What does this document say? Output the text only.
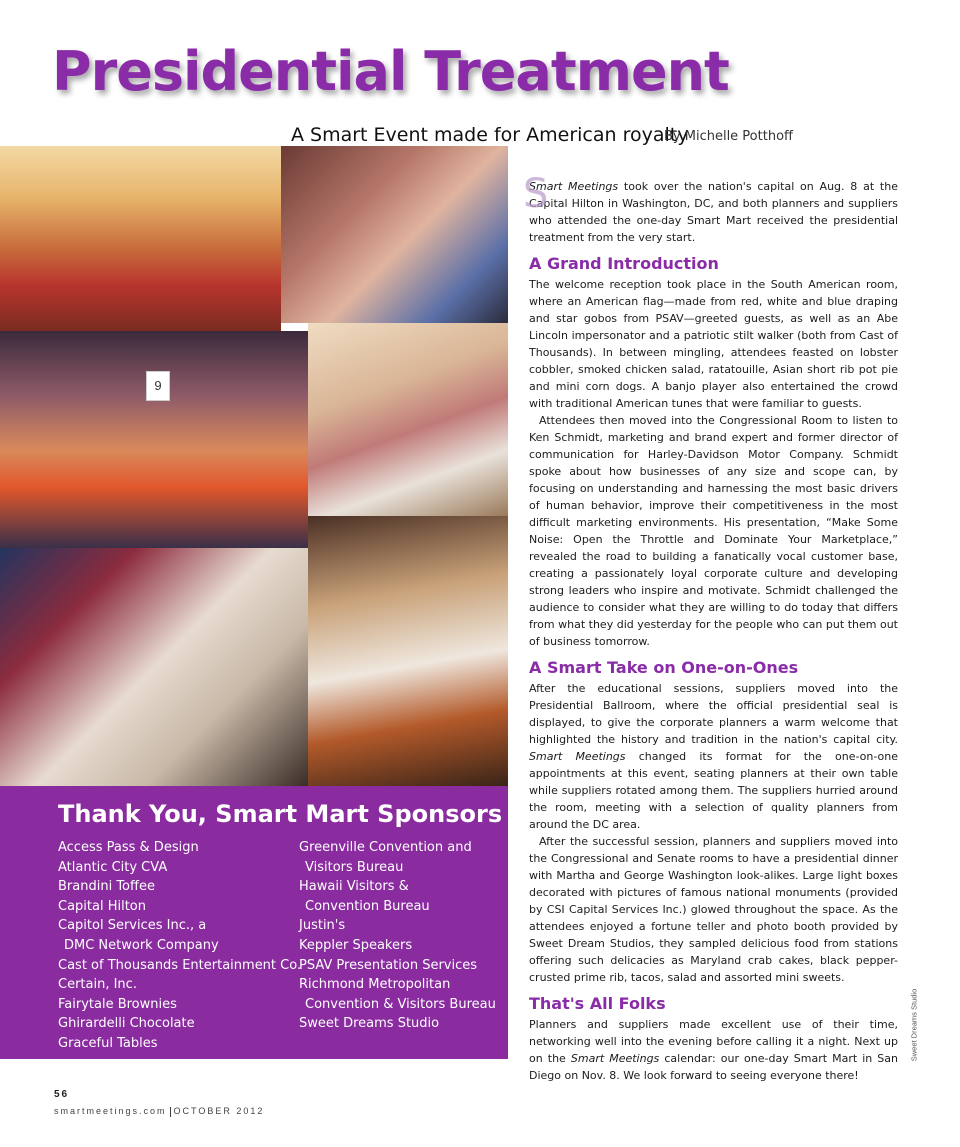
Presidential Treatment
A Smart Event made for American royalty
By Michelle Potthoff
9
Thank You, Smart Mart Sponsors
Access Pass & Design
Atlantic City CVA
Brandini Toffee
Capital Hilton
Capitol Services Inc., a
DMC Network Company
Cast of Thousands Entertainment Co.
Certain, Inc.
Fairytale Brownies
Ghirardelli Chocolate
Graceful Tables
Greenville Convention and
Visitors Bureau
Hawaii Visitors &
Convention Bureau
Justin's
Keppler Speakers
PSAV Presentation Services
Richmond Metropolitan
Convention & Visitors Bureau
Sweet Dreams Studio
S

Smart Meetings took over the nation's capital on Aug. 8 at the Capital Hilton in Washington, DC, and both planners and suppliers who attended the one-day Smart Mart received the presidential treatment from the very start.

A Grand Introduction

The welcome reception took place in the South American room, where an American flag—made from red, white and blue draping and star gobos from PSAV—greeted guests, as well as an Abe Lincoln impersonator and a patriotic stilt walker (both from Cast of Thousands). In between mingling, attendees feasted on lobster cobbler, smoked chicken salad, ratatouille, Asian short rib pot pie and mini corn dogs. A banjo player also entertained the crowd with traditional American tunes that were familiar to guests.

Attendees then moved into the Congressional Room to listen to Ken Schmidt, marketing and brand expert and former director of communication for Harley-Davidson Motor Company. Schmidt spoke about how businesses of any size and scope can, by focusing on understanding and harnessing the most basic drivers of human behavior, improve their competitiveness in the most difficult marketing environments. His presentation, “Make Some Noise: Open the Throttle and Dominate Your Marketplace,” revealed the road to building a fanatically vocal customer base, creating a passionately loyal corporate culture and developing strong leaders who inspire and motivate. Schmidt challenged the audience to consider what they are willing to do today that differs from what they did yesterday for the people who can put them out of business tomorrow.

A Smart Take on One-on-Ones

After the educational sessions, suppliers moved into the Presidential Ballroom, where the official presidential seal is displayed, to give the corporate planners a warm welcome that highlighted the history and tradition in the nation's capital city. Smart Meetings changed its format for the one-on-one appointments at this event, seating planners at their own table while suppliers rotated among them. The suppliers hurried around the room, meeting with a selection of quality planners from around the DC area.

After the successful session, planners and suppliers moved into the Congressional and Senate rooms to have a presidential dinner with Martha and George Washington look-alikes. Large light boxes decorated with pictures of famous national monuments (provided by CSI Capital Services Inc.) glowed throughout the space. As the attendees enjoyed a fortune teller and photo booth provided by Sweet Dream Studios, they sampled delicious food from stations offering such delicacies as Maryland crab cakes, black pepper-crusted prime rib, tacos, salad and assorted mini sweets.

That's All Folks

Planners and suppliers made excellent use of their time, networking well into the evening before calling it a night. Next up on the Smart Meetings calendar: our one-day Smart Mart in San Diego on Nov. 8. We look forward to seeing everyone there!

Sweet Dreams Studio
56
smartmeetings.com OCTOBER 2012
